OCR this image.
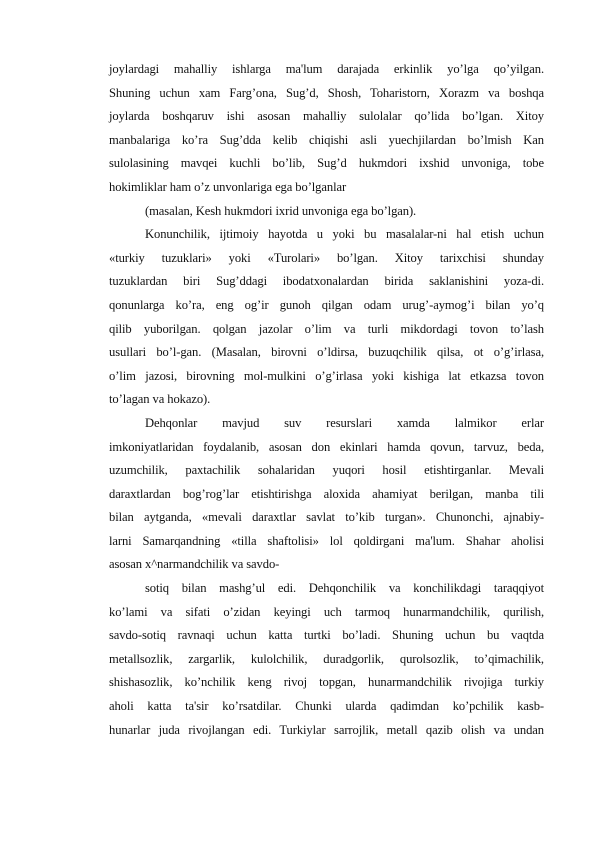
joylardagi mahalliy ishlarga ma'lum darajada erkinlik yo’lga qo’yilgan.
Shuning uchun xam Farg’ona, Sug’d, Shosh, Toharistorn, Xorazm va boshqa
joylarda boshqaruv ishi asosan mahalliy sulolalar qo’lida bo’lgan. Xitoy
manbalariga ko’ra Sug’dda kelib chiqishi asli yuechjilardan bo’lmish Kan
sulolasining mavqei kuchli bo’lib, Sug’d hukmdori ixshid unvoniga, tobe
hokimliklar ham o’z unvonlariga ega bo’lganlar
(masalan, Kesh hukmdori ixrid unvoniga ega bo’lgan).
Konunchilik, ijtimoiy hayotda u yoki bu masalalar-ni hal etish uchun
«turkiy tuzuklari» yoki «Turolari» bo’lgan. Xitoy tarixchisi shunday
tuzuklardan biri Sug’ddagi ibodatxonalardan birida saklanishini yoza-di.
qonunlarga ko’ra, eng og’ir gunoh qilgan odam urug’-aymog’i bilan yo’q
qilib yuborilgan. qolgan jazolar o’lim va turli mikdordagi tovon to’lash
usullari bo’l-gan. (Masalan, birovni o’ldirsa, buzuqchilik qilsa, ot o’g’irlasa,
o’lim jazosi, birovning mol-mulkini o’g’irlasa yoki kishiga lat etkazsa tovon
to’lagan va hokazo).
Dehqonlar mavjud suv resurslari xamda lalmikor erlar
imkoniyatlaridan foydalanib, asosan don ekinlari hamda qovun, tarvuz, beda,
uzumchilik, paxtachilik sohalaridan yuqori hosil etishtirganlar. Mevali
daraxtlardan bog’rog’lar etishtirishga aloxida ahamiyat berilgan, manba tili
bilan aytganda, «mevali daraxtlar savlat to’kib turgan». Chunonchi, ajnabiy-
larni Samarqandning «tilla shaftolisi» lol qoldirgani ma'lum. Shahar aholisi
asosan x^narmandchilik va savdo-
sotiq bilan mashg’ul edi. Dehqonchilik va konchilikdagi taraqqiyot
ko’lami va sifati o’zidan keyingi uch tarmoq hunarmandchilik, qurilish,
savdo-sotiq ravnaqi uchun katta turtki bo’ladi. Shuning uchun bu vaqtda
metallsozlik, zargarlik, kulolchilik, duradgorlik, qurolsozlik, to’qimachilik,
shishasozlik, ko’nchilik keng rivoj topgan, hunarmandchilik rivojiga turkiy
aholi katta ta'sir ko’rsatdilar. Chunki ularda qadimdan ko’pchilik kasb-
hunarlar juda rivojlangan edi. Turkiylar sarrojlik, metall qazib olish va undan
